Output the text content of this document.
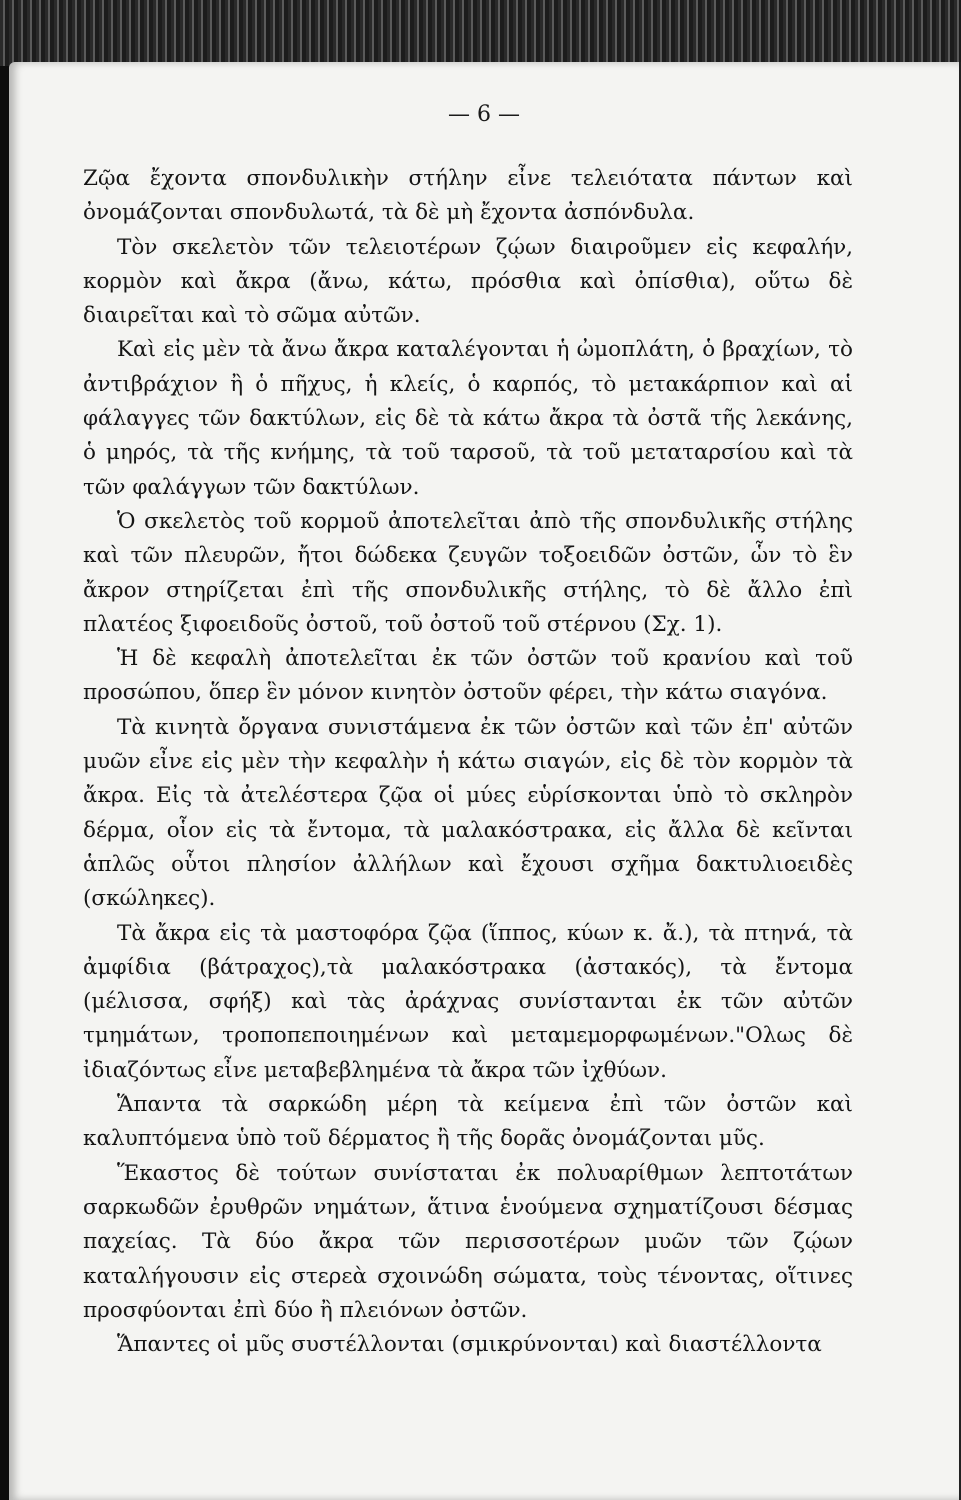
— 6 —

Ζῷα ἔχοντα σπονδυλικὴν στήλην εἶνε τελειότατα πάντων καὶ ὀνομάζονται σπονδυλωτά, τὰ δὲ μὴ ἔχοντα ἀσπόνδυλα.

Τὸν σκελετὸν τῶν τελειοτέρων ζῴων διαιροῦμεν εἰς κεφαλήν, κορμὸν καὶ ἄκρα (ἄνω, κάτω, πρόσθια καὶ ὀπίσθια), οὕτω δὲ διαιρεῖται καὶ τὸ σῶμα αὐτῶν.

Καὶ εἰς μὲν τὰ ἄνω ἄκρα καταλέγονται ἡ ὠμοπλάτη, ὁ βραχίων, τὸ ἀντιβράχιον ἢ ὁ πῆχυς, ἡ κλείς, ὁ καρπός, τὸ μετακάρπιον καὶ αἱ φάλαγγες τῶν δακτύλων, εἰς δὲ τὰ κάτω ἄκρα τὰ ὀστᾶ τῆς λεκάνης, ὁ μηρός, τὰ τῆς κνήμης, τὰ τοῦ ταρσοῦ, τὰ τοῦ μεταταρσίου καὶ τὰ τῶν φαλάγγων τῶν δακτύλων.

Ὁ σκελετὸς τοῦ κορμοῦ ἀποτελεῖται ἀπὸ τῆς σπονδυλικῆς στήλης καὶ τῶν πλευρῶν, ἤτοι δώδεκα ζευγῶν τοξοειδῶν ὀστῶν, ὧν τὸ ἓν ἄκρον στηρίζεται ἐπὶ τῆς σπονδυλικῆς στήλης, τὸ δὲ ἄλλο ἐπὶ πλατέος ξιφοειδοῦς ὀστοῦ, τοῦ ὀστοῦ τοῦ στέρνου (Σχ. 1).

Ἡ δὲ κεφαλὴ ἀποτελεῖται ἐκ τῶν ὀστῶν τοῦ κρανίου καὶ τοῦ προσώπου, ὅπερ ἓν μόνον κινητὸν ὀστοῦν φέρει, τὴν κάτω σιαγόνα.

Τὰ κινητὰ ὄργανα συνιστάμενα ἐκ τῶν ὀστῶν καὶ τῶν ἐπ' αὐτῶν μυῶν εἶνε εἰς μὲν τὴν κεφαλὴν ἡ κάτω σιαγών, εἰς δὲ τὸν κορμὸν τὰ ἄκρα. Εἰς τὰ ἀτελέστερα ζῷα οἱ μύες εὑρίσκονται ὑπὸ τὸ σκληρὸν δέρμα, οἷον εἰς τὰ ἔντομα, τὰ μαλακόστρακα, εἰς ἄλλα δὲ κεῖνται ἁπλῶς οὗτοι πλησίον ἀλλήλων καὶ ἔχουσι σχῆμα δακτυλιοειδὲς (σκώληκες).

Τὰ ἄκρα εἰς τὰ μαστοφόρα ζῷα (ἵππος, κύων κ. ἄ.), τὰ πτηνά, τὰ ἀμφίδια (βάτραχος),τὰ μαλακόστρακα (ἀστακός), τὰ ἔντομα (μέλισσα, σφήξ) καὶ τὰς ἀράχνας συνίστανται ἐκ τῶν αὐτῶν τμημάτων, τροποπεποιημένων καὶ μεταμεμορφωμένων."Ολως δὲ ἰδιαζόντως εἶνε μεταβεβλημένα τὰ ἄκρα τῶν ἰχθύων.

Ἅπαντα τὰ σαρκώδη μέρη τὰ κείμενα ἐπὶ τῶν ὀστῶν καὶ καλυπτόμενα ὑπὸ τοῦ δέρματος ἢ τῆς δορᾶς ὀνομάζονται μῦς.

Ἕκαστος δὲ τούτων συνίσταται ἐκ πολυαρίθμων λεπτοτάτων σαρκωδῶν ἐρυθρῶν νημάτων, ἅτινα ἑνούμενα σχηματίζουσι δέσμας παχείας. Τὰ δύο ἄκρα τῶν περισσοτέρων μυῶν τῶν ζῴων καταλήγουσιν εἰς στερεὰ σχοινώδη σώματα, τοὺς τένοντας, οἵτινες προσφύονται ἐπὶ δύο ἢ πλειόνων ὀστῶν.

Ἅπαντες οἱ μῦς συστέλλονται (σμικρύνονται) καὶ διαστέλλοντα
